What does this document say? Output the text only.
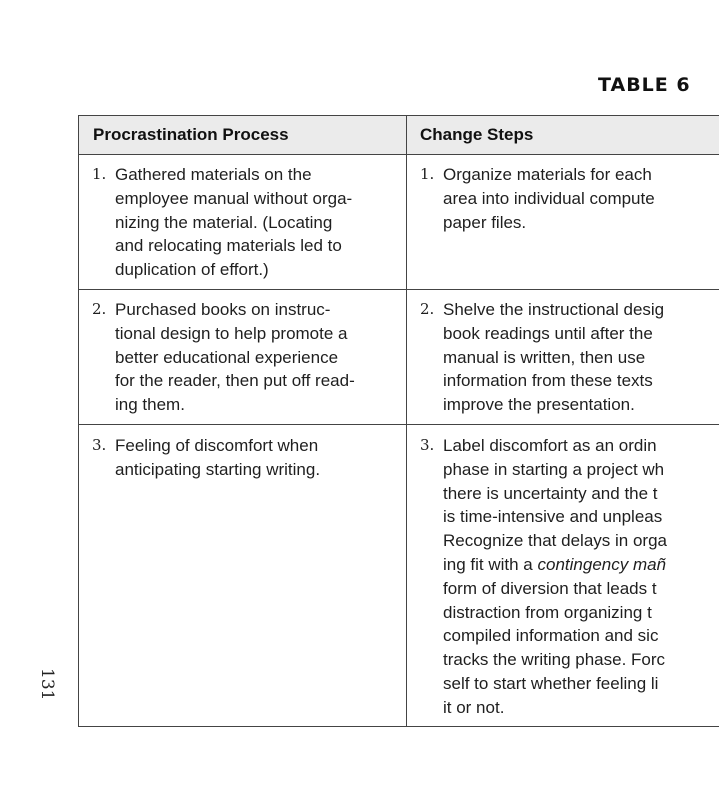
TABLE 6
131
Procrastination Process	Change Steps
1. Gathered materials on the
employee manual without orga-
nizing the material. (Locating
and relocating materials led to
duplication of effort.)
1. Organize materials for each
area into individual compute
paper files.
2. Purchased books on instruc-
tional design to help promote a
better educational experience
for the reader, then put off read-
ing them.
2. Shelve the instructional desig
book readings until after the
manual is written, then use
information from these texts
improve the presentation.
3. Feeling of discomfort when
anticipating starting writing.
3. Label discomfort as an ordin
phase in starting a project wh
there is uncertainty and the t
is time-intensive and unpleas
Recognize that delays in orga
ing fit with a contingency mañ
form of diversion that leads t
distraction from organizing t
compiled information and sic
tracks the writing phase. Forc
self to start whether feeling li
it or not.
